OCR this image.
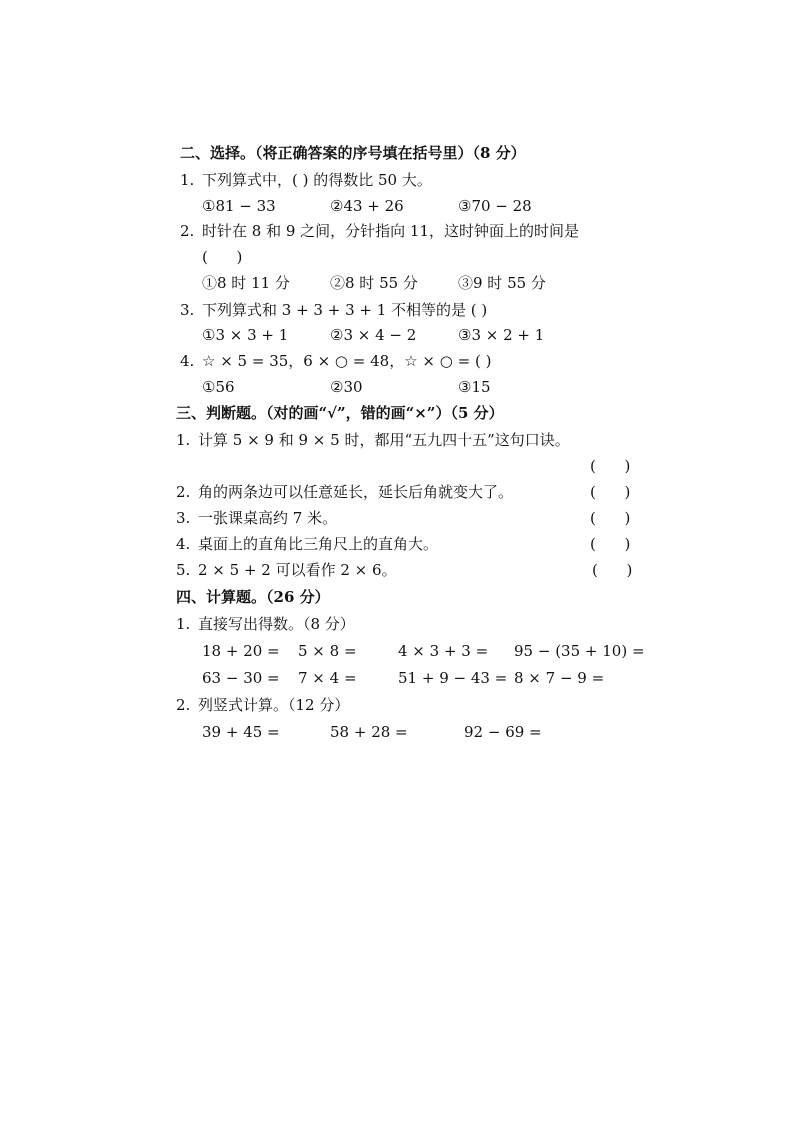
二、选择。（将正确答案的序号填在括号里）（8 分）
1. 下列算式中，( ) 的得数比 50 大。
①81 − 33	②43 + 26	③70 − 28
2. 时针在 8 和 9 之间，分针指向 11，这时钟面上的时间是
(      )
①8 时 11 分	②8 时 55 分	③9 时 55 分
3. 下列算式和 3 + 3 + 3 + 1 不相等的是 ( )
①3 × 3 + 1	②3 × 4 − 2	③3 × 2 + 1
4. ☆ × 5 = 35，6 × ○ = 48，☆ × ○ = ( )
①56	②30	③15
三、判断题。（对的画“√”，错的画“×”）（5 分）
1. 计算 5 × 9 和 9 × 5 时，都用“五九四十五”这句口诀。
(      )
2. 角的两条边可以任意延长，延长后角就变大了。	(      )
3. 一张课桌高约 7 米。	(      )
4. 桌面上的直角比三角尺上的直角大。	(      )
5. 2 × 5 + 2 可以看作 2 × 6。	(      )
四、计算题。（26 分）
1. 直接写出得数。（8 分）
18 + 20 = 5 × 8 =	4 × 3 + 3 = 95 − (35 + 10) =
63 − 30 = 7 × 4 =	51 + 9 − 43 = 8 × 7 − 9 =
2. 列竖式计算。（12 分）
39 + 45 =	58 + 28 =	92 − 69 =
